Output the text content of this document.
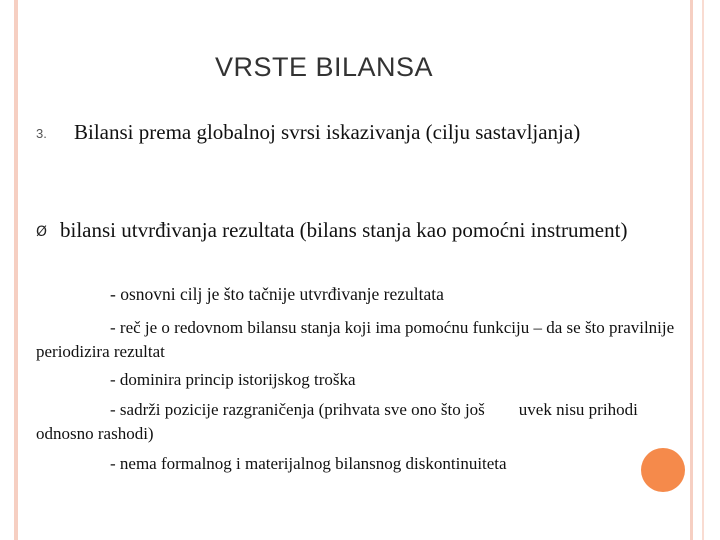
VRSTE BILANSA
3. Bilansi prema globalnoj svrsi iskazivanja (cilju sastavljanja)
Ø bilansi utvrđivanja rezultata (bilans stanja kao pomoćni instrument)
- osnovni cilj je što tačnije utvrđivanje rezultata
- reč je o redovnom bilansu stanja koji ima pomoćnu funkciju – da se što pravilnije periodizira rezultat
- dominira princip istorijskog troška
- sadrži pozicije razgraničenja (prihvata sve ono što još        uvek nisu prihodi odnosno rashodi)
- nema formalnog i materijalnog bilansnog diskontinuiteta
